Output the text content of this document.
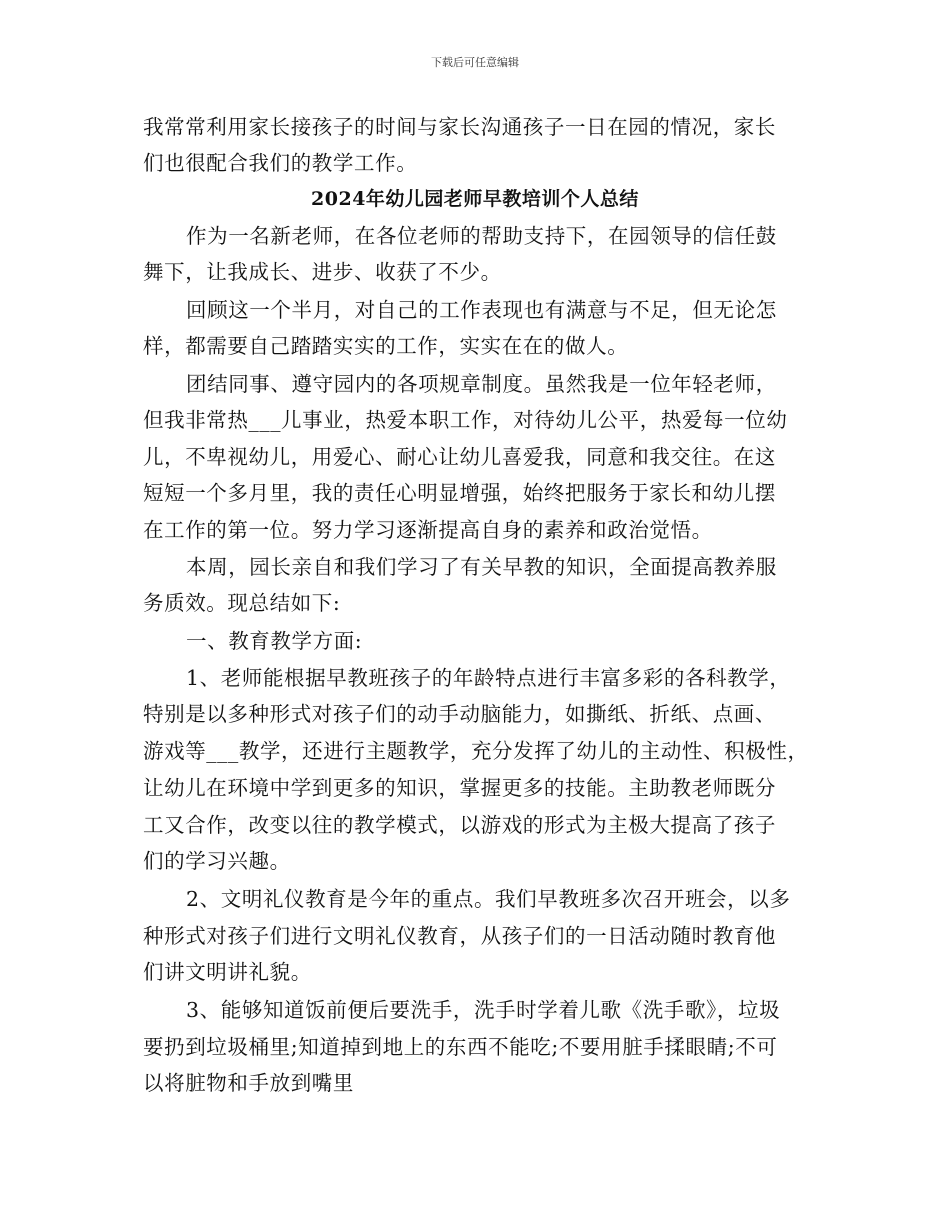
下载后可任意编辑
我常常利用家长接孩子的时间与家长沟通孩子一日在园的情况，家长
们也很配合我们的教学工作。
2024年幼儿园老师早教培训个人总结
作为一名新老师，在各位老师的帮助支持下，在园领导的信任鼓
舞下，让我成长、进步、收获了不少。
回顾这一个半月，对自己的工作表现也有满意与不足，但无论怎
样，都需要自己踏踏实实的工作，实实在在的做人。
团结同事、遵守园内的各项规章制度。虽然我是一位年轻老师，
但我非常热___儿事业，热爱本职工作，对待幼儿公平，热爱每一位幼
儿，不卑视幼儿，用爱心、耐心让幼儿喜爱我，同意和我交往。在这
短短一个多月里，我的责任心明显增强，始终把服务于家长和幼儿摆
在工作的第一位。努力学习逐渐提高自身的素养和政治觉悟。
本周，园长亲自和我们学习了有关早教的知识，全面提高教养服
务质效。现总结如下:
一、教育教学方面:
1、老师能根据早教班孩子的年龄特点进行丰富多彩的各科教学，
特别是以多种形式对孩子们的动手动脑能力，如撕纸、折纸、点画、
游戏等___教学，还进行主题教学，充分发挥了幼儿的主动性、积极性，
让幼儿在环境中学到更多的知识，掌握更多的技能。主助教老师既分
工又合作，改变以往的教学模式，以游戏的形式为主极大提高了孩子
们的学习兴趣。
2、文明礼仪教育是今年的重点。我们早教班多次召开班会，以多
种形式对孩子们进行文明礼仪教育，从孩子们的一日活动随时教育他
们讲文明讲礼貌。
3、能够知道饭前便后要洗手，洗手时学着儿歌《洗手歌》，垃圾
要扔到垃圾桶里;知道掉到地上的东西不能吃;不要用脏手揉眼睛;不可
以将脏物和手放到嘴里
